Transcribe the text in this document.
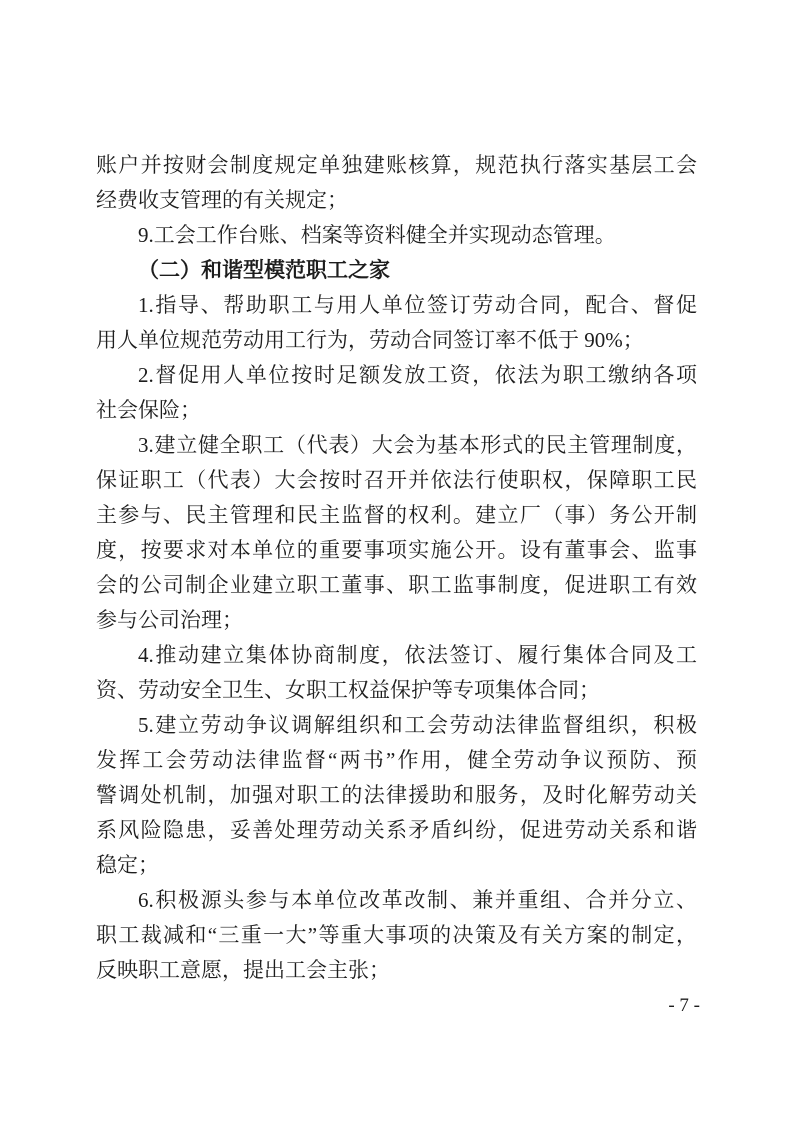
账户并按财会制度规定单独建账核算，规范执行落实基层工会
经费收支管理的有关规定；
9.工会工作台账、档案等资料健全并实现动态管理。
（二）和谐型模范职工之家
1.指导、帮助职工与用人单位签订劳动合同，配合、督促
用人单位规范劳动用工行为，劳动合同签订率不低于 90%；
2.督促用人单位按时足额发放工资，依法为职工缴纳各项
社会保险；
3.建立健全职工（代表）大会为基本形式的民主管理制度，
保证职工（代表）大会按时召开并依法行使职权，保障职工民
主参与、民主管理和民主监督的权利。建立厂（事）务公开制
度，按要求对本单位的重要事项实施公开。设有董事会、监事
会的公司制企业建立职工董事、职工监事制度，促进职工有效
参与公司治理；
4.推动建立集体协商制度，依法签订、履行集体合同及工
资、劳动安全卫生、女职工权益保护等专项集体合同；
5.建立劳动争议调解组织和工会劳动法律监督组织，积极
发挥工会劳动法律监督“两书”作用，健全劳动争议预防、预
警调处机制，加强对职工的法律援助和服务，及时化解劳动关
系风险隐患，妥善处理劳动关系矛盾纠纷，促进劳动关系和谐
稳定；
6.积极源头参与本单位改革改制、兼并重组、合并分立、
职工裁减和“三重一大”等重大事项的决策及有关方案的制定，
反映职工意愿，提出工会主张；
- 7 -
